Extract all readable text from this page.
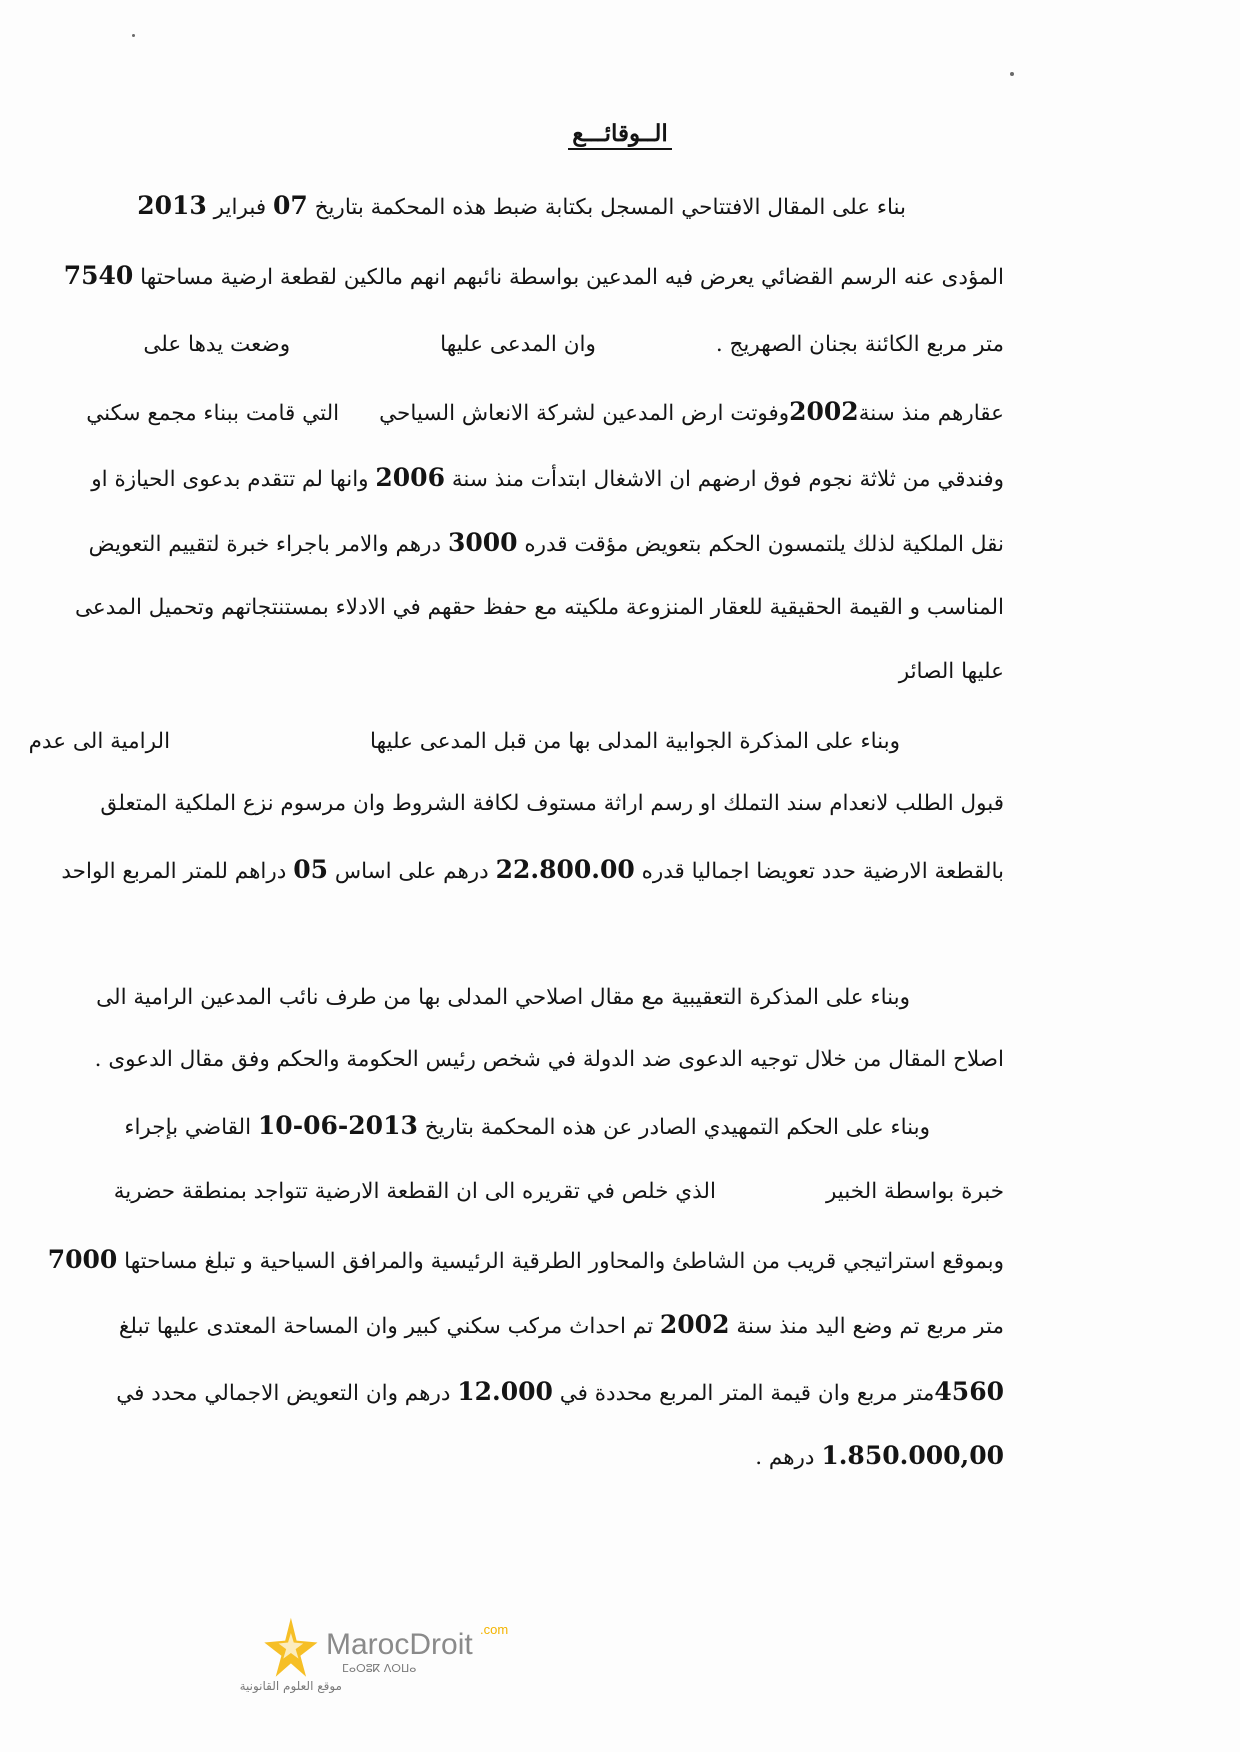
الــوقائـــع
بناء على المقال الافتتاحي المسجل بكتابة ضبط هذه المحكمة بتاريخ 07 فبراير 2013
المؤدى عنه الرسم القضائي يعرض فيه المدعين بواسطة نائبهم انهم مالكين لقطعة ارضية مساحتها 7540
متر مربع الكائنة بجنان الصهريج .وان المدعى عليهاوضعت يدها على
عقارهم منذ سنة2002وفوتت ارض المدعين لشركة الانعاش السياحيالتي قامت ببناء مجمع سكني
وفندقي من ثلاثة نجوم فوق ارضهم ان الاشغال ابتدأت منذ سنة 2006 وانها لم تتقدم بدعوى الحيازة او
نقل الملكية لذلك يلتمسون الحكم بتعويض مؤقت قدره 3000 درهم والامر باجراء خبرة لتقييم التعويض
المناسب و القيمة الحقيقية للعقار المنزوعة ملكيته مع حفظ حقهم في الادلاء بمستنتجاتهم وتحميل المدعى
عليها الصائر
وبناء على المذكرة الجوابية المدلى بها من قبل المدعى عليهاالرامية الى عدم
قبول الطلب لانعدام سند التملك او رسم اراثة مستوف لكافة الشروط وان مرسوم نزع الملكية المتعلق
بالقطعة الارضية حدد تعويضا اجماليا قدره 22.800.00 درهم على اساس 05 دراهم للمتر المربع الواحد
وبناء على المذكرة التعقيبية مع مقال اصلاحي المدلى بها من طرف نائب المدعين الرامية الى
اصلاح المقال من خلال توجيه الدعوى ضد الدولة في شخص رئيس الحكومة والحكم وفق مقال الدعوى .
وبناء على الحكم التمهيدي الصادر عن هذه المحكمة بتاريخ 2013-06-10 القاضي بإجراء
خبرة بواسطة الخبيرالذي خلص في تقريره الى ان القطعة الارضية تتواجد بمنطقة حضرية
وبموقع استراتيجي قريب من الشاطئ والمحاور الطرقية الرئيسية والمرافق السياحية و تبلغ مساحتها 7000
متر مربع تم وضع اليد منذ سنة 2002 تم احداث مركب سكني كبير وان المساحة المعتدى عليها تبلغ
4560متر مربع وان قيمة المتر المربع محددة في 12.000 درهم وان التعويض الاجمالي محدد في
1.850.000,00 درهم .
MarocDroit .com
ⵎⴰⵔⵓⴽ ⴷⵔⵡⴰ
موقع العلوم القانونية
